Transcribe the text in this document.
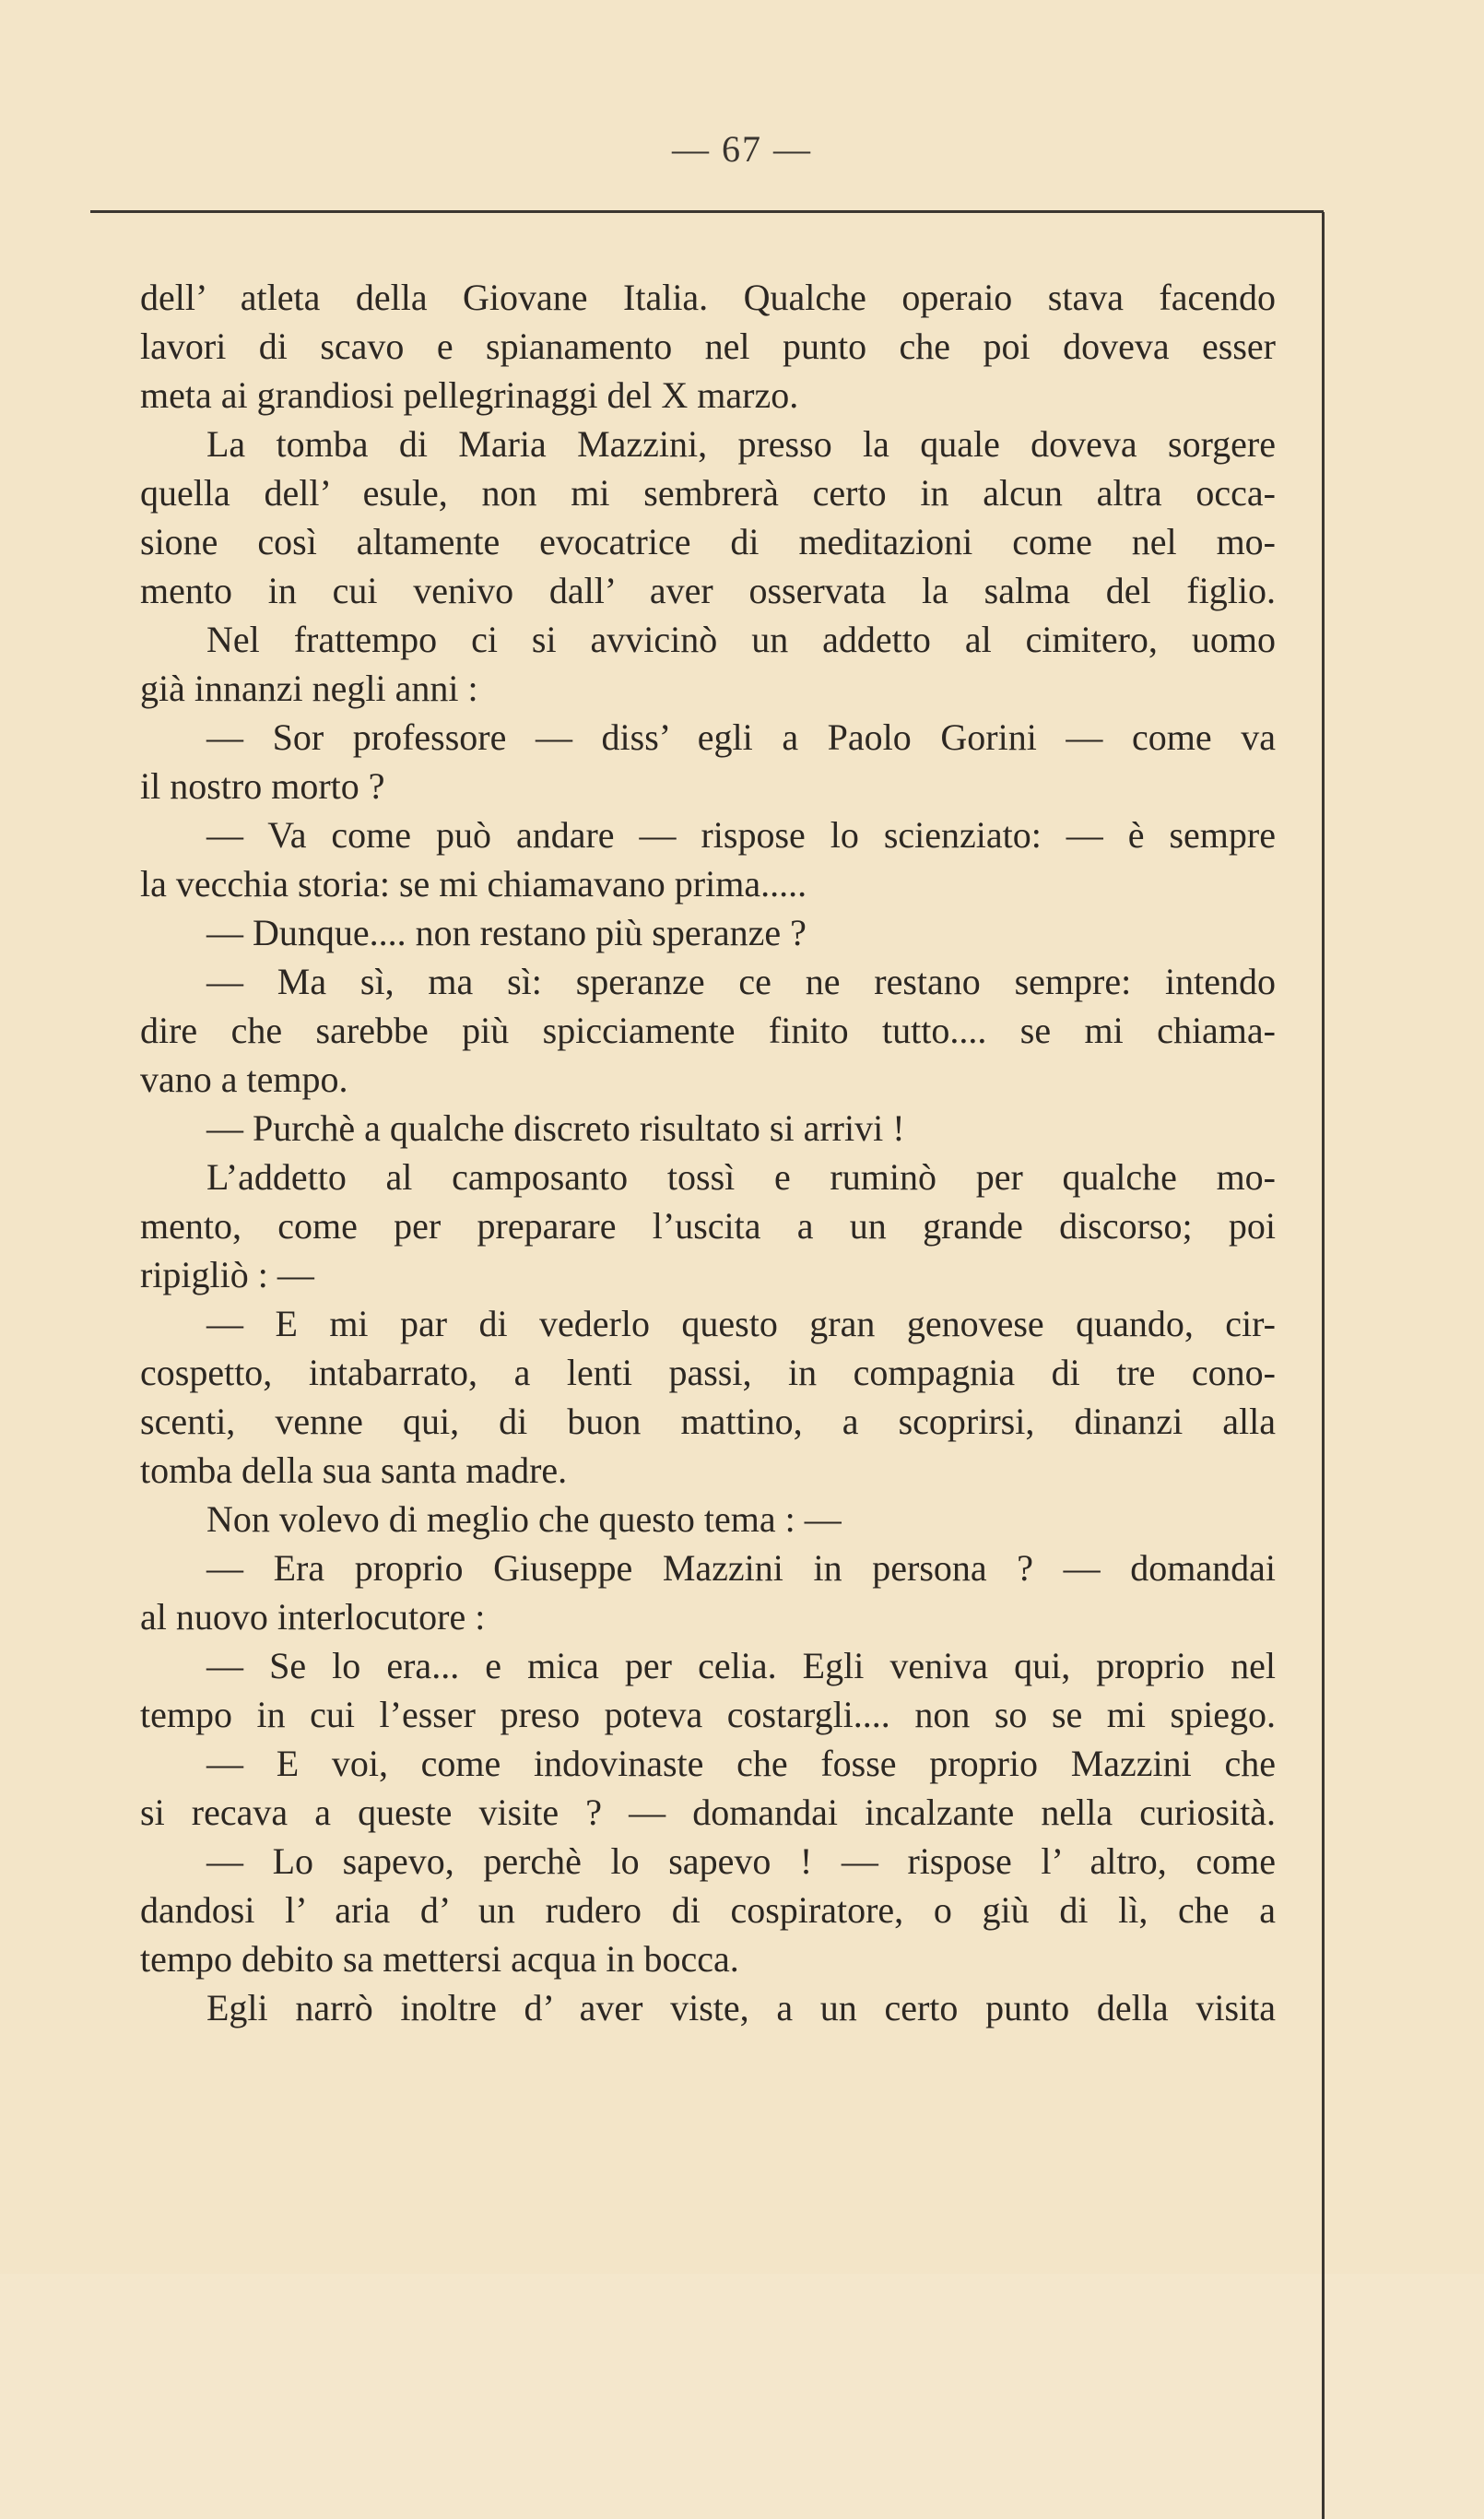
— 67 —
dell’ atleta della Giovane Italia. Qualche operaio stava facendo
lavori di scavo e spianamento nel punto che poi doveva esser
meta ai grandiosi pellegrinaggi del X marzo.
La tomba di Maria Mazzini, presso la quale doveva sorgere
quella dell’ esule, non mi sembrerà certo in alcun altra occa-
sione così altamente evocatrice di meditazioni come nel mo-
mento in cui venivo dall’ aver osservata la salma del figlio.
Nel frattempo ci si avvicinò un addetto al cimitero, uomo
già innanzi negli anni :
— Sor professore — diss’ egli a Paolo Gorini — come va
il nostro morto ?
— Va come può andare — rispose lo scienziato: — è sempre
la vecchia storia: se mi chiamavano prima.....
— Dunque.... non restano più speranze ?
— Ma sì, ma sì: speranze ce ne restano sempre: intendo
dire che sarebbe più spicciamente finito tutto.... se mi chiama-
vano a tempo.
— Purchè a qualche discreto risultato si arrivi !
L’addetto al camposanto tossì e ruminò per qualche mo-
mento, come per preparare l’uscita a un grande discorso; poi
ripigliò : —
— E mi par di vederlo questo gran genovese quando, cir-
cospetto, intabarrato, a lenti passi, in compagnia di tre cono-
scenti, venne qui, di buon mattino, a scoprirsi, dinanzi alla
tomba della sua santa madre.
Non volevo di meglio che questo tema : —
— Era proprio Giuseppe Mazzini in persona ? — domandai
al nuovo interlocutore :
— Se lo era... e mica per celia. Egli veniva qui, proprio nel
tempo in cui l’esser preso poteva costargli.... non so se mi spiego.
— E voi, come indovinaste che fosse proprio Mazzini che
si recava a queste visite ? — domandai incalzante nella curiosità.
— Lo sapevo, perchè lo sapevo ! — rispose l’ altro, come
dandosi l’ aria d’ un rudero di cospiratore, o giù di lì, che a
tempo debito sa mettersi acqua in bocca.
Egli narrò inoltre d’ aver viste, a un certo punto della visita
